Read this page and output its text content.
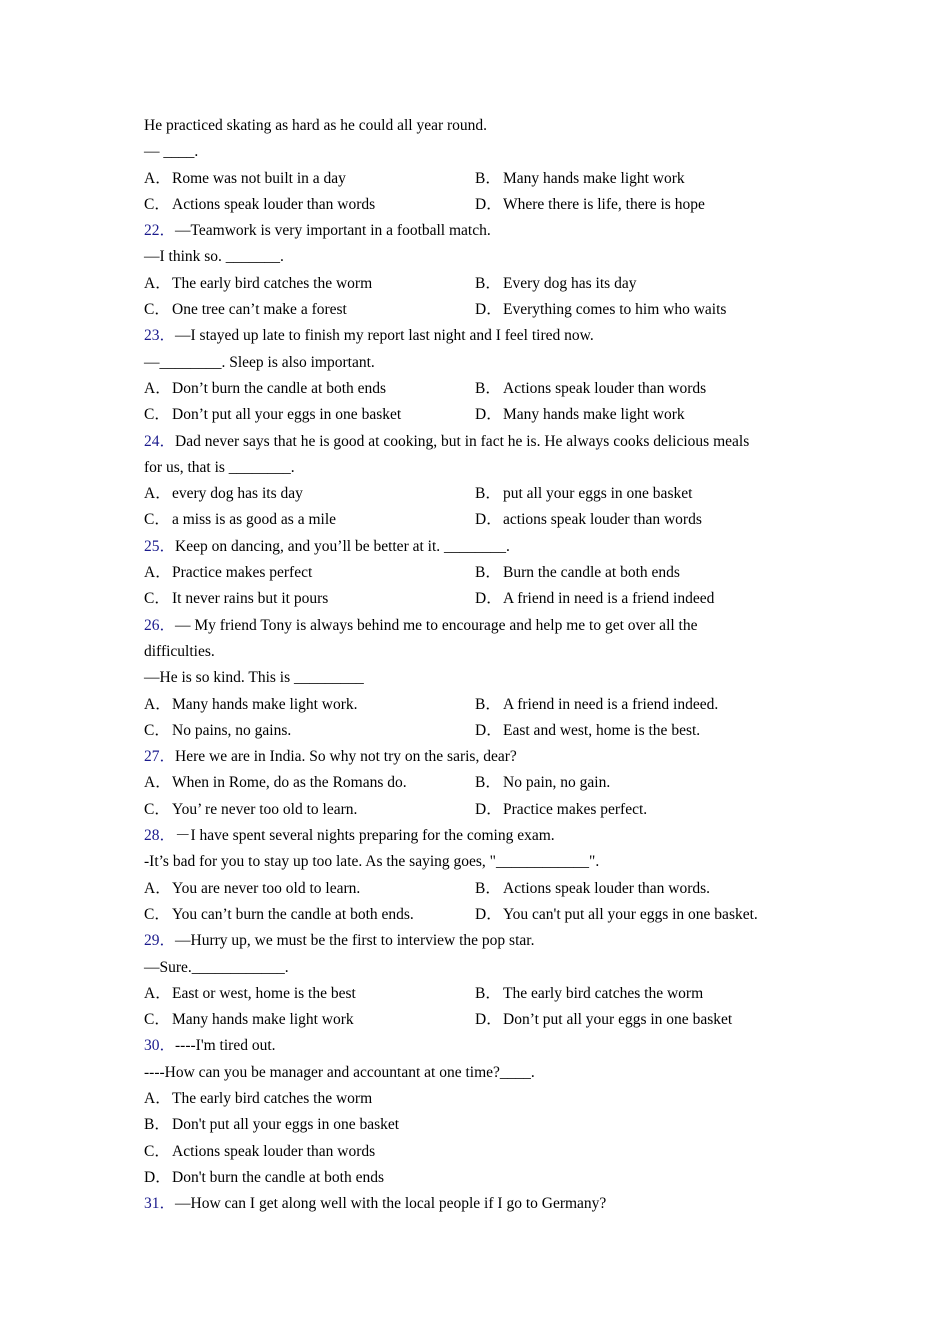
He practiced skating as hard as he could all year round.
— ____.
A．Rome was not built in a day	B． Many hands make light work
C． Actions speak louder than words	D．Where there is life, there is hope
22．—Teamwork is very important in a football match.
—I think so. _______.
A．The early bird catches the worm	B． Every dog has its day
C． One tree can’t make a forest	D．Everything comes to him who waits
23．—I stayed up late to finish my report last night and I feel tired now.
—________. Sleep is also important.
A．Don’t burn the candle at both ends	B． Actions speak louder than words
C． Don’t put all your eggs in one basket	D．Many hands make light work
24．Dad never says that he is good at cooking, but in fact he is. He always cooks delicious meals
for us, that is ________.
A．every dog has its day	B． put all your eggs in one basket
C． a miss is as good as a mile	D．actions speak louder than words
25．Keep on dancing, and you’ll be better at it. ________.
A．Practice makes perfect	B． Burn the candle at both ends
C． It never rains but it pours	D．A friend in need is a friend indeed
26．— My friend Tony is always behind me to encourage and help me to get over all the
difficulties.
—He is so kind. This is _________
A．Many hands make light work.	B． A friend in need is a friend indeed.
C． No pains, no gains.	D．East and west, home is the best.
27．Here we are in India. So why not try on the saris, dear?
A．When in Rome, do as the Romans do.	B． No pain, no gain.
C． You’ re never too old to learn.	D．Practice makes perfect.
28．－I have spent several nights preparing for the coming exam.
-It’s bad for you to stay up too late. As the saying goes, "____________".
A．You are never too old to learn.	B． Actions speak louder than words.
C． You can’t burn the candle at both ends.	D．You can't put all your eggs in one basket.
29．—Hurry up, we must be the first to interview the pop star.
—Sure.____________.
A．East or west, home is the best	B． The early bird catches the worm
C． Many hands make light work	D．Don’t put all your eggs in one basket
30．----I'm tired out.
----How can you be manager and accountant at one time?____.
A．The early bird catches the worm
B． Don't put all your eggs in one basket
C． Actions speak louder than words
D．Don't burn the candle at both ends
31．—How can I get along well with the local people if I go to Germany?
